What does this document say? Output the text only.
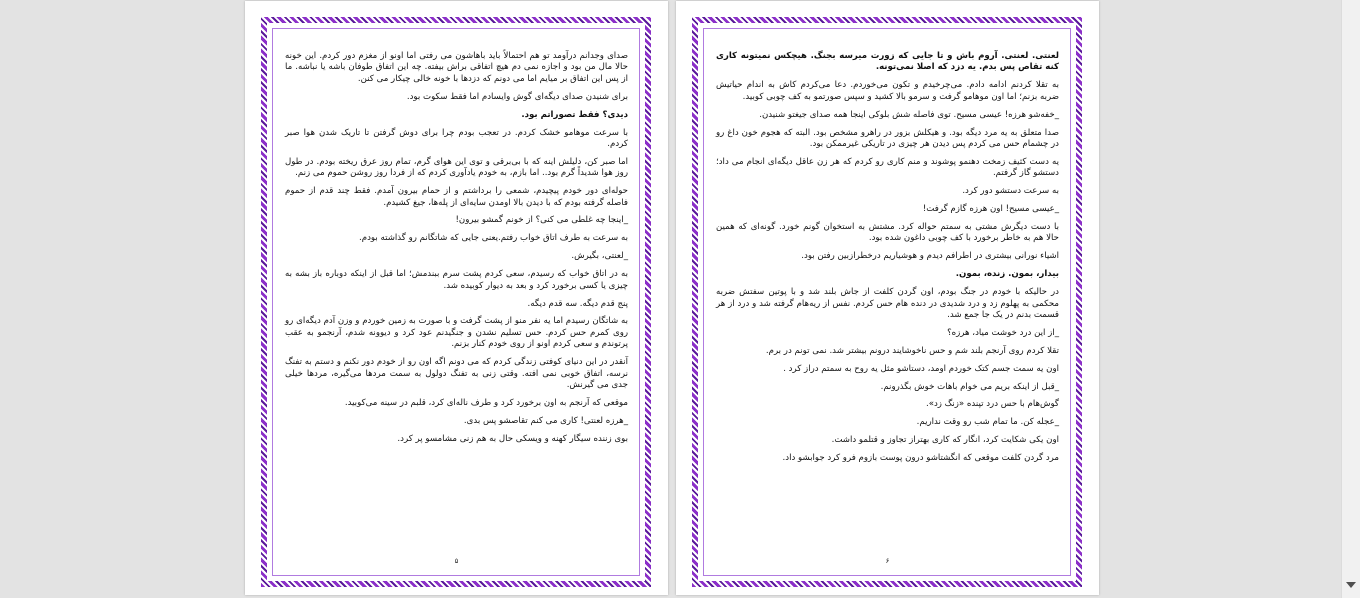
لعنتی. لعنتی. آروم باش و تا جایی که زورت میرسه بجنگ. هیچکس نمیتونه کاری کنه تقاص پس بدم. یه دزد که اصلا نمی‌تونه.

به تقلا کردنم ادامه دادم. می‌چرخیدم و تکون می‌خوردم. دعا می‌کردم کاش به اندام حیاتیش ضربه بزنم؛ اما اون موهامو گرفت و سرمو بالا کشید و سپس صورتمو به کف چوبی کوبید.

_خفه‌شو هرزه! عیسی مسیح. توی فاصله شش بلوکی اینجا همه صدای جیغتو شنیدن.

صدا متعلق به یه مرد دیگه بود. و هیکلش بزور در راهرو مشخص بود. البته که هجوم خون داغ رو در چشمام حس می کردم پس دیدن هر چیزی در تاریکی غیرممکن بود.

یه دست کثیف زمخت دهنمو پوشوند و منم کاری رو کردم که هر زن عاقل دیگه‌ای انجام می داد؛ دستشو گاز گرفتم.

به سرعت دستشو دور کرد.

_عیسی مسیح! اون هرزه گازم گرفت!

با دست دیگرش مشتی به سمتم حواله کرد. مشتش به استخوان گونم خورد. گونه‌ای که همین حالا هم به خاطر برخورد با کف چوبی داغون شده بود.

اشیاء نورانی بیشتری در اطرافم دیدم و هوشیاریم درخطرازبین رفتن بود.

بیدار، بمون. زنده، بمون.

در حالیکه با خودم در جنگ بودم، اون گردن کلفت از جاش بلند شد و با پوتین سفتش ضربه محکمی به پهلوم زد و درد شدیدی در دنده هام حس کردم. نفس از ریه‌هام گرفته شد و درد از هر قسمت بدنم در یک جا جمع شد.

_از این درد خوشت میاد، هرزه؟

تقلا کردم روی آرنجم بلند شم و حس ناخوشایند درونم بیشتر شد. نمی تونم در برم.

اون یه سمت جسم کتک خوردم اومد، دستاشو مثل یه روح به سمتم دراز کرد .

_قبل از اینکه بریم می خوام باهات خوش بگذرونم.

گوش‌هام با حس درد تپنده «زنگ زد».

_عجله کن. ما تمام شب رو وقت نداریم.

اون یکی شکایت کرد، انگار که کاری بهتراز تجاوز و قتلمو داشت.

مرد گردن کلفت موقعی که انگشتاشو درون پوست بازوم فرو کرد جوابشو داد.

۶

صدای وجدانم درآومد تو هم احتمالاً باید باهاشون می رفتی اما اونو از مغزم دور کردم. این خونه حالا مال من بود و اجازه نمی دم هیچ اتفاقی براش بیفته. چه این اتفاق طوفان باشه یا نباشه. ما از پس این اتفاق بر میایم اما می دونم که دزدها با خونه خالی چیکار می کنن.

برای شنیدن صدای دیگه‌ای گوش وایسادم اما فقط سکوت بود.

دیدی؟ فقط تصوراتم بود.

با سرعت موهامو خشک کردم. در تعجب بودم چرا برای دوش گرفتن تا تاریک شدن هوا صبر کردم.

اما صبر کن، دلیلش اینه که با بی‌برقی و توی این هوای گرم، تمام روز عرق ریخته بودم. در طول روز هوا شدیداً گرم بود.. اما بازم، به خودم یادآوری کردم که از فردا روز روشن حموم می زنم.

حوله‌ای دور خودم پیچیدم، شمعی را برداشتم و از حمام بیرون آمدم. فقط چند قدم از حموم فاصله گرفته بودم که با دیدن بالا اومدن سایه‌ای از پله‌ها، جیغ کشیدم.

_اینجا چه غلطی می کنی؟ از خونم گمشو بیرون!

به سرعت به طرف اتاق خواب رفتم.یعنی جایی که شاتگانم رو گذاشته بودم.

_لعنتی، بگیرش.

به در اتاق خواب که رسیدم، سعی کردم پشت سرم ببندمش؛ اما قبل از اینکه دوباره باز بشه به چیزی یا کسی برخورد کرد و بعد به دیوار کوبیده شد.

پنج قدم دیگه. سه قدم دیگه.

به شاتگان رسیدم اما یه نفر منو از پشت گرفت و با صورت به زمین خوردم و وزن آدم دیگه‌ای رو روی کمرم حس کردم. حس تسلیم نشدن و جنگیدنم عود کرد و دیوونه شدم، آرنجمو به عقب پرتوندم و سعی کردم اونو از روی خودم کنار بزنم.

آنقدر در این دنیای کوفتی زندگی کردم که می دونم اگه اون رو از خودم دور نکنم و دستم به تفنگ نرسه، اتفاق خوبی نمی افته. وقتی زنی به تفنگ دولول به سمت مردها می‌گیره، مردها خیلی جدی می گیرنش.

موقعی که آرنجم به اون برخورد کرد و طرف ناله‌ای کرد، قلبم در سینه می‌کوبید.

_هرزه لعنتی! کاری می کنم تقاصشو پس بدی.

بوی زننده سیگار کهنه و ویسکی حال به هم زنی مشامسو پر کرد.

۵
